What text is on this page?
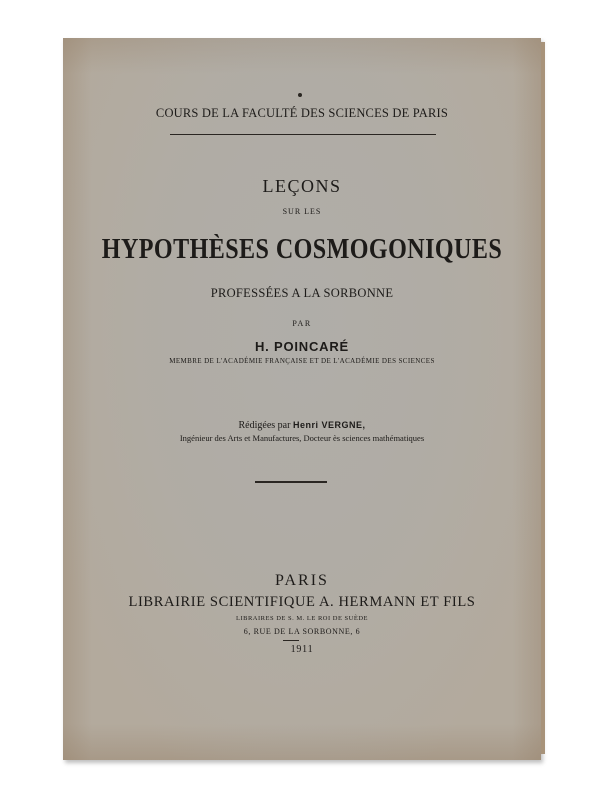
COURS DE LA FACULTÉ DES SCIENCES DE PARIS
LEÇONS
SUR LES
HYPOTHÈSES COSMOGONIQUES
PROFESSÉES A LA SORBONNE
PAR
H. POINCARÉ
MEMBRE DE L'ACADÉMIE FRANÇAISE ET DE L'ACADÉMIE DES SCIENCES
Rédigées par Henri VERGNE,
Ingénieur des Arts et Manufactures, Docteur ès sciences mathématiques
PARIS
LIBRAIRIE SCIENTIFIQUE A. HERMANN ET FILS
LIBRAIRES DE S. M. LE ROI DE SUÈDE
6, RUE DE LA SORBONNE, 6
1911
